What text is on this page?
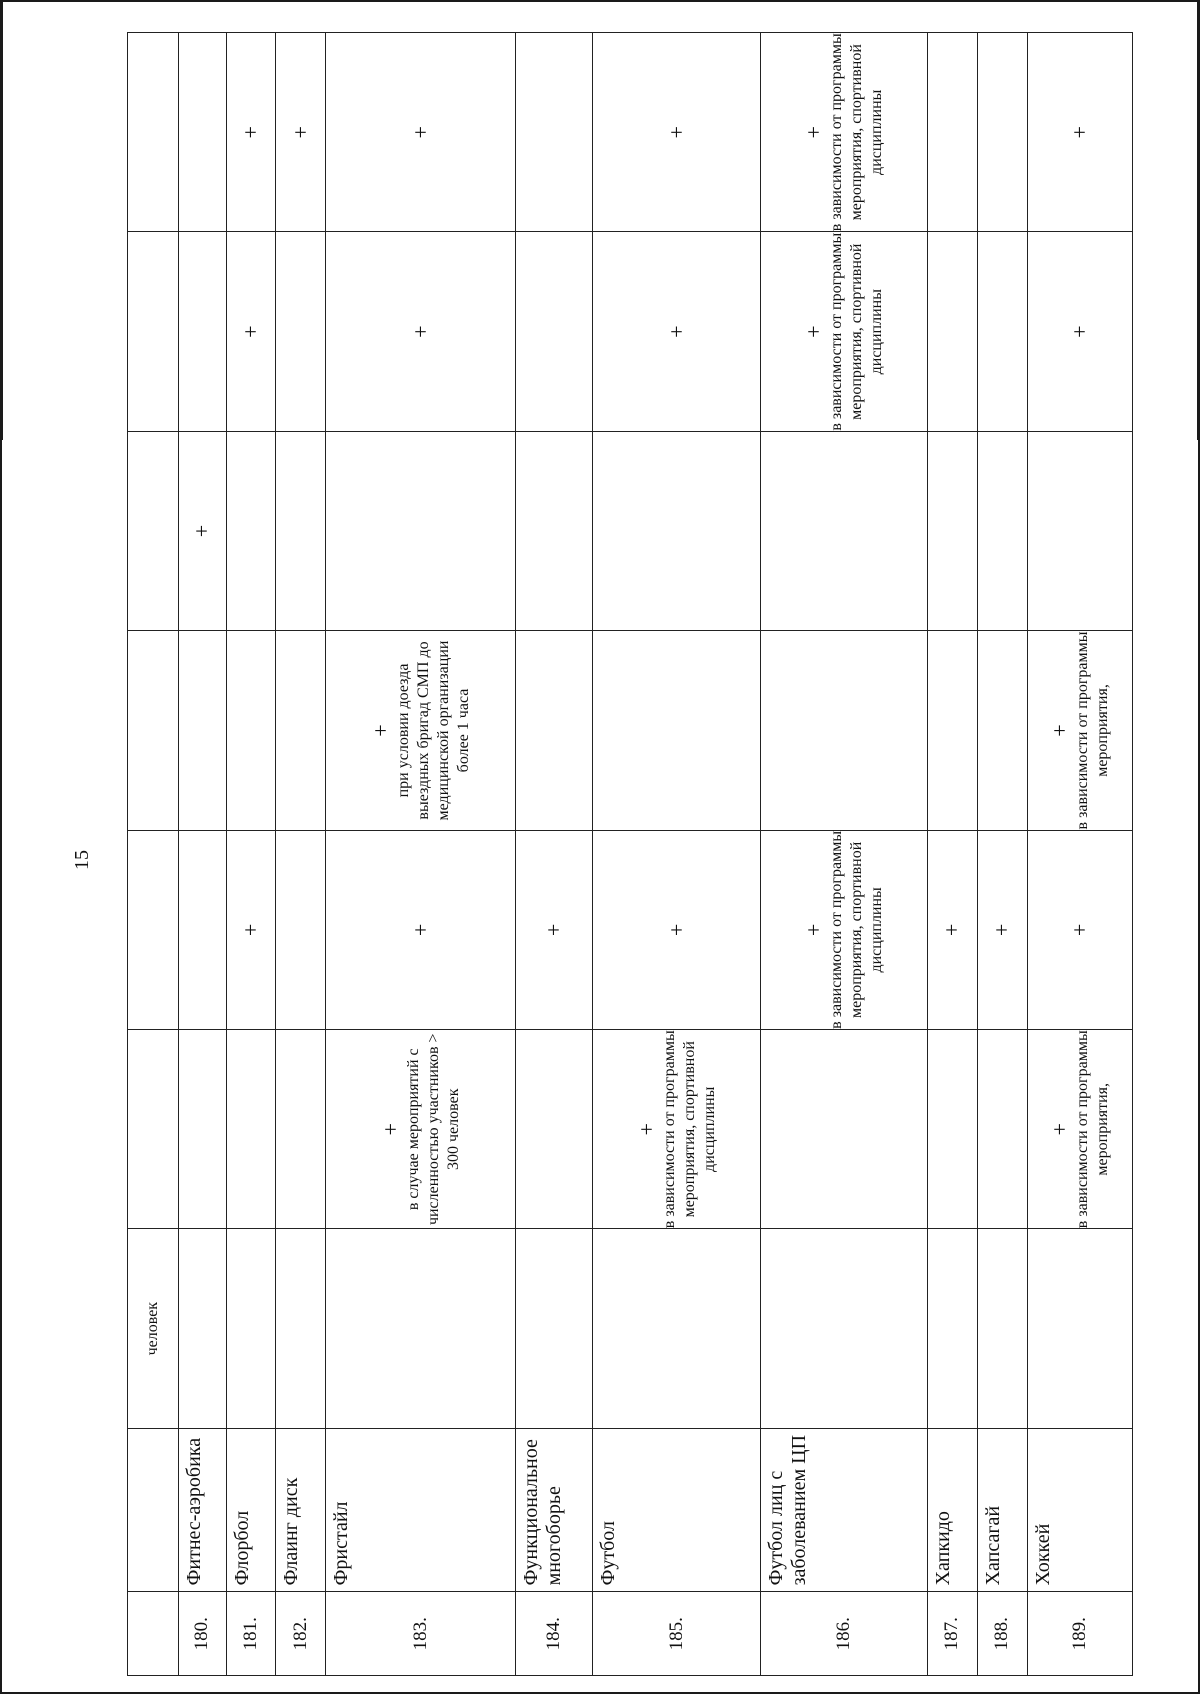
15
		человек						
180.	Фитнес-аэробика					+		
181.	Флорбол			+			+	+
182.	Флаинг диск							+
183.	Фристайл		+ в случае мероприятий с численностью участников > 300 человек	+	+ при условии доезда выездных бригад СМП до медицинской организации более 1 часа		+	+
184.	Функциональное многоборье			+				
185.	Футбол		+ в зависимости от программы мероприятия, спортивной дисциплины	+			+	+
186.	Футбол лиц с заболеванием ЦП			+ в зависимости от программы мероприятия, спортивной дисциплины			+ в зависимости от программы мероприятия, спортивной дисциплины	+ в зависимости от программы мероприятия, спортивной дисциплины

187.	Хапкидо			+				
188.	Хапсагай			+				
189.	Хоккей		+ в зависимости от программы мероприятия,	+	+ в зависимости от программы мероприятия,		+	+
